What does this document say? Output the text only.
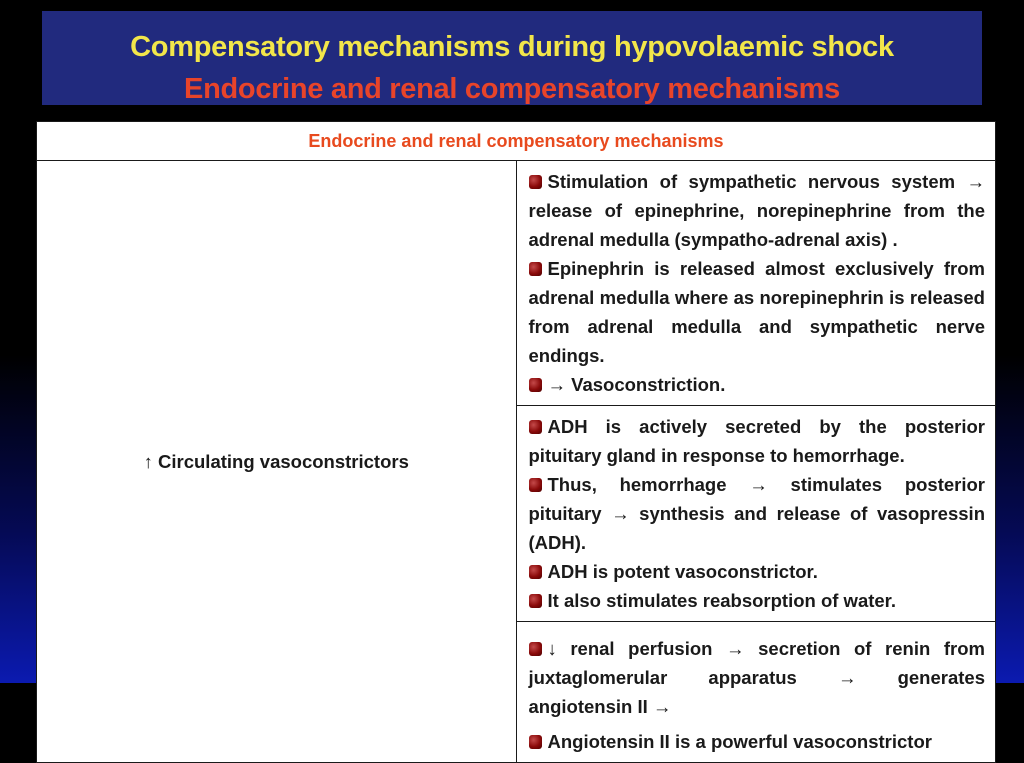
Compensatory mechanisms during hypovolaemic shock
Endocrine and renal compensatory mechanisms
Endocrine and renal compensatory mechanisms
↑ Circulating vasoconstrictors	

Stimulation of sympathetic nervous system → release of epinephrine, norepinephrine from the adrenal medulla (sympatho-adrenal axis) .

Epinephrin is released almost exclusively from adrenal medulla where as norepinephrin is released from adrenal medulla and sympathetic nerve endings.

→ Vasoconstriction.

ADH is actively secreted by the posterior pituitary gland in response to hemorrhage.

Thus, hemorrhage → stimulates posterior pituitary → synthesis and release of vasopressin (ADH).

ADH is potent vasoconstrictor.

It also stimulates reabsorption of water.

↓ renal perfusion → secretion of renin from juxtaglomerular apparatus → generates angiotensin II →

Angiotensin II is a powerful vasoconstrictor
